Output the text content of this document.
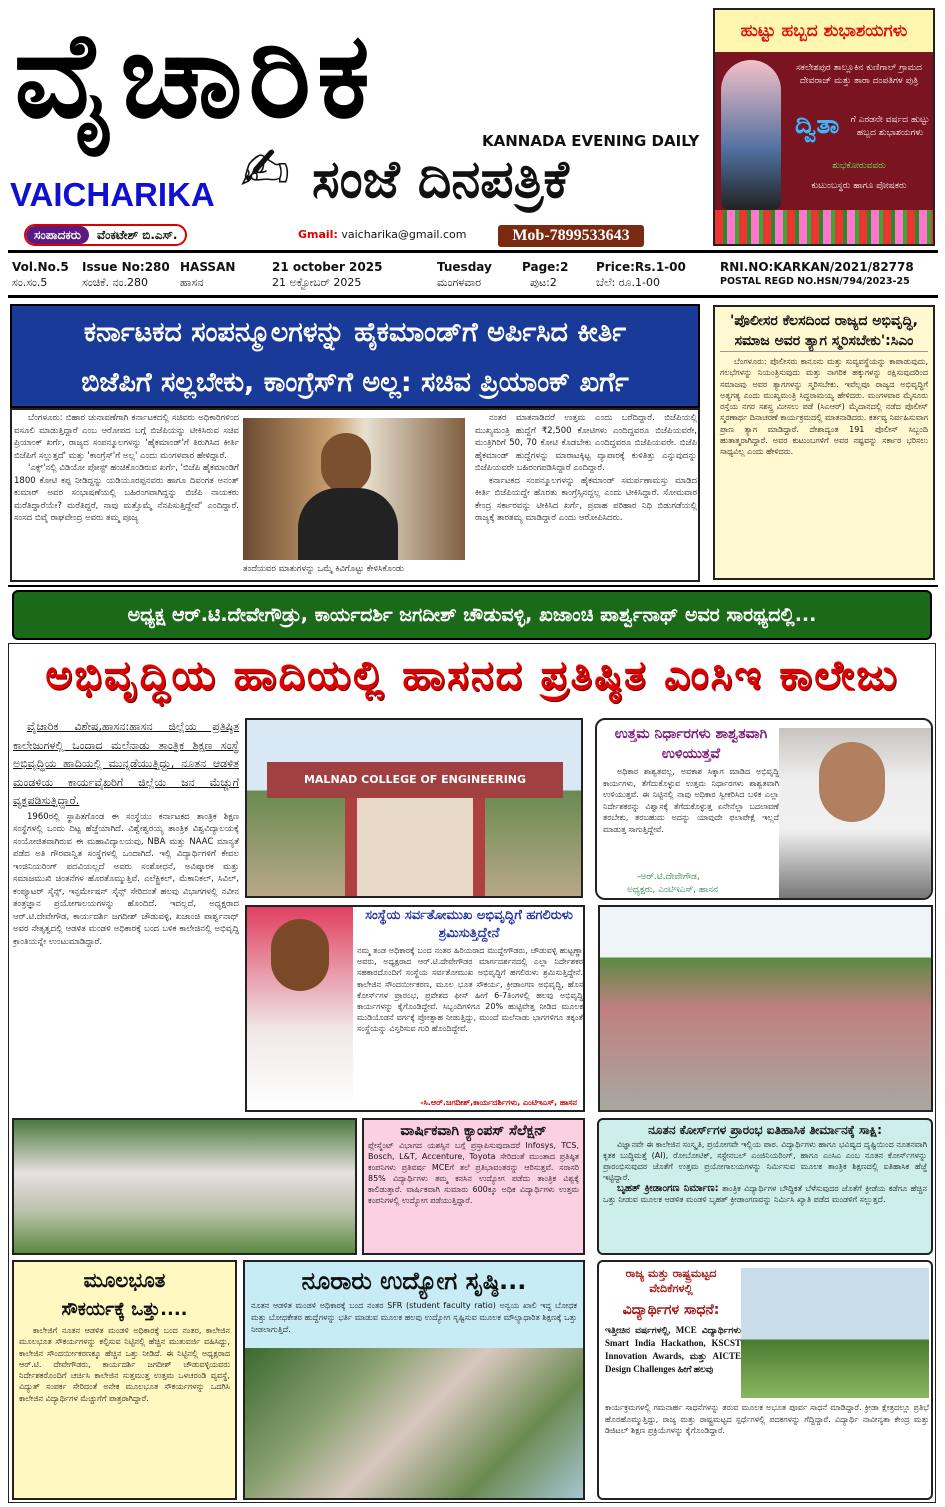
ವೈಚಾರಿಕ	KANNADA EVENING DAILY
VAICHARIKA ✍ ಸಂಜೆ ದಿನಪತ್ರಿಕೆ
ಹುಟ್ಟು ಹಬ್ಬದ ಶುಭಾಶಯಗಳು
ಸಕಲೇಶಪುರ ತಾಲ್ಲೂಕಿನ ಕುಣಿಗಾಲ್ ಗ್ರಾಮದ ದೇವರಾಜ್ ಮತ್ತು ತಾರಾ ದಂಪತಿಗಳ ಪುತ್ರಿ
ದ್ವಿತಾ	ಗೆ ಎರಡನೇ ವರ್ಷದ ಹುಟ್ಟು ಹಬ್ಬದ ಶುಭಾಶಯಗಳು
ಶುಭಕೋರುವವರು
ಕುಟುಂಬಸ್ಥರು ಹಾಗೂ ಪೋಷಕರು
ಸಂಪಾದಕರು	ವೆಂಕಟೇಶ್ ಬಿ.ಎಸ್.	Gmail: vaicharika@gmail.com	Mob-7899533643
Vol.No.5
ಸಂ.ಸಂ.5
Issue No:280
ಸಂಚಿಕೆ. ನಂ.280
HASSAN
ಹಾಸನ
21 october 2025
21 ಅಕ್ಟೋಬರ್ 2025
Tuesday
ಮಂಗಳವಾರ
Page:2
ಪುಟ:2
Price:Rs.1-00
ಬೆಲೆ: ರೂ.1-00
RNI.NO:KARKAN/2021/82778
POSTAL REGD NO.HSN/794/2023-25
ಕರ್ನಾಟಕದ ಸಂಪನ್ಮೂಲಗಳನ್ನು ಹೈಕಮಾಂಡ್‌ಗೆ ಅರ್ಪಿಸಿದ ಕೀರ್ತಿ
ಬಿಜೆಪಿಗೆ ಸಲ್ಲಬೇಕು, ಕಾಂಗ್ರೆಸ್‌ಗೆ ಅಲ್ಲ: ಸಚಿವ ಪ್ರಿಯಾಂಕ್ ಖರ್ಗೆ

ಬೆಂಗಳೂರು: ಬಿಹಾರ ಚುನಾವಣೆಗಾಗಿ ಕರ್ನಾಟಕದಲ್ಲಿ ಸಚಿವರು ಅಧಿಕಾರಿಗಳಿಂದ ವಸೂಲಿ ಮಾಡುತ್ತಿದ್ದಾರೆ ಎಂಬ ಆರೋಪದ ಬಗ್ಗೆ ಬಿಜೆಪಿಯನ್ನು ಟೀಕಿಸಿರುವ ಸಚಿವ ಪ್ರಿಯಾಂಕ್ ಖರ್ಗೆ, ರಾಜ್ಯದ ಸಂಪನ್ಮೂಲಗಳನ್ನು 'ಹೈಕಮಾಂಡ್'ಗೆ ತಿರುಗಿಸಿದ ಕೀರ್ತಿ ಬಿಜೆಪಿಗೆ ಸಲ್ಲುತ್ತದೆ' ಮತ್ತು 'ಕಾಂಗ್ರೆಸ್'ಗೆ ಅಲ್ಲ' ಎಂದು ಮಂಗಳವಾರ ಹೇಳಿದ್ದಾರೆ.

'ಎಕ್ಸ್'ನಲ್ಲಿ ವಿಡಿಯೋ ಪೋಸ್ಟ್ ಹಂಚಿಕೊಂಡಿರುವ ಖರ್ಗೆ, 'ಬಿಜೆಪಿ ಹೈಕಮಾಂಡಿಗೆ 1800 ಕೋಟಿ ಕಪ್ಪ ನೀಡಿದ್ದನ್ನು ಯಡಿಯೂರಪ್ಪನವರು ಹಾಗೂ ದಿವಂಗತ ಅನಂತ್ ಕುಮಾರ್ ಅವರ ಸಂಭಾಷಣೆಯಲ್ಲಿ ಬಹಿರಂಗವಾಗಿದ್ದನ್ನು ಬಿಜೆಪಿ ನಾಯಕರು ಮರೆತಿದ್ದಾರೆಯೇ? ಮರೆತಿದ್ದರೆ, ನಾವು ಮತ್ತೊಮ್ಮೆ ನೆನಪಿಸುತ್ತಿದ್ದೇವೆ' ಎಂದಿದ್ದಾರೆ. ಸಂಸದ ಬಿವೈ ರಾಘವೇಂದ್ರ ಅವರು ತಮ್ಮ ಪೂಜ್ಯ

ನಂತರ ಮಾತನಾಡಿದರೆ ಉತ್ತಮ ಎಂದು ಬರೆದಿದ್ದಾರೆ. ಬಿಜೆಪಿಯಲ್ಲಿ ಮುಖ್ಯಮಂತ್ರಿ ಹುದ್ದೆಗೆ ₹2,500 ಕೋಟಿಗಳು ಎಂದಿದ್ದವರೂ ಬಿಜೆಪಿಯವರೇ, ಮಂತ್ರಿಗಿರಿಗೆ 50, 70 ಕೋಟಿ ಕೊಡಬೇಕು ಎಂದಿದ್ದವರೂ ಬಿಜೆಪಿಯವರೇ. ಬಿಜೆಪಿ ಹೈಕಮಾಂಡ್ ಹುದ್ದೆಗಳನ್ನು ಮಾರಾಟಕ್ಕಿಟ್ಟ ವ್ಯಾಪಾರಕ್ಕೆ ಕುಳಿತಿತ್ತು ಎನ್ನುವುದನ್ನು ಬಿಜೆಪಿಯವರೇ ಬಹಿರಂಗಪಡಿಸಿದ್ದಾರೆ ಎಂದಿದ್ದಾರೆ.

ಕರ್ನಾಟಕದ ಸಂಪನ್ಮೂಲಗಳನ್ನು ಹೈಕಮಾಂಡ್ ಸಮರ್ಪಣಾಮಸ್ತು ಮಾಡಿದ ಕೀರ್ತಿ ಬಿಜೆಪಿಯದ್ದೇ ಹೊರತು ಕಾಂಗ್ರೆಸ್ಸಿನದ್ದಲ್ಲ ಎಂದು ಟೀಕಿಸಿದ್ದಾರೆ. ಸೋಮವಾರ ಕೇಂದ್ರ ಸರ್ಕಾರವನ್ನು ಟೀಕಿಸಿದ ಖರ್ಗೆ, ಪ್ರವಾಹ ಪರಿಹಾರ ನಿಧಿ ಬಿಡುಗಡೆಯಲ್ಲಿ ರಾಜ್ಯಕ್ಕೆ ತಾರತಮ್ಯ ಮಾಡಿದ್ದಾರೆ ಎಂದು ಆರೋಪಿಸಿದರು.

ತಂದೆಯವರ ಮಾತುಗಳನ್ನು ಒಮ್ಮೆ ಕಿವಿಗೊಟ್ಟು ಕೇಳಿಸಿಕೊಂಡು
'ಪೊಲೀಸರ ಕೆಲಸದಿಂದ ರಾಜ್ಯದ ಅಭಿವೃದ್ಧಿ, ಸಮಾಜ ಅವರ ತ್ಯಾಗ ಸ್ಮರಿಸಬೇಕು':ಸಿಎಂ

ಬೆಂಗಳೂರು: ಪೊಲೀಸರು ಕಾನೂನು ಮತ್ತು ಸುವ್ಯವಸ್ಥೆಯನ್ನು ಕಾಪಾಡುವುದು, ಗಲಭೆಗಳನ್ನು ನಿಯಂತ್ರಿಸುವುದು ಮತ್ತು ನಾಗರಿಕ ಹಕ್ಕುಗಳನ್ನು ರಕ್ಷಿಸುವುದರಿಂದ ಸಮಾಜವು ಅವರ ತ್ಯಾಗಗಳನ್ನು ಸ್ಮರಿಸಬೇಕು. ಇವೆಲ್ಲವೂ ರಾಜ್ಯದ ಅಭಿವೃದ್ಧಿಗೆ ಅತ್ಯಗತ್ಯ ಎಂದು ಮುಖ್ಯಮಂತ್ರಿ ಸಿದ್ದರಾಮಯ್ಯ ಹೇಳಿದರು. ಮಂಗಳವಾರ ಮೈಸೂರು ರಸ್ತೆಯ ನಗರ ಸಶಸ್ತ್ರ ಮೀಸಲು ಪಡೆ (ಸಿಎಆರ್) ಮೈದಾನದಲ್ಲಿ ನಡೆದ ಪೊಲೀಸ್ ಸ್ಮರಣಾರ್ಥ ದಿನಾಚರಣೆ ಕಾರ್ಯಕ್ರಮದಲ್ಲಿ ಮಾತನಾಡಿದರು. ಕರ್ತವ್ಯ ನಿರ್ವಹಿಸುವಾಗ ಪ್ರಾಣ ತ್ಯಾಗ ಮಾಡಿದ್ದಾರೆ. ದೇಶಾದ್ಯಂತ 191 ಪೊಲೀಸ್ ಸಿಬ್ಬಂದಿ ಹುತಾತ್ಮರಾಗಿದ್ದಾರೆ. ಅವರ ಕುಟುಂಬಗಳಿಗೆ ಅವರ ನಷ್ಟವನ್ನು ಸರ್ಕಾರ ಭರಿಸಲು ಸಾಧ್ಯವಿಲ್ಲ ಎಂದು ಹೇಳಿದರು.

ಅಧ್ಯಕ್ಷ ಆರ್.ಟಿ.ದೇವೇಗೌಡ್ರು, ಕಾರ್ಯದರ್ಶಿ ಜಗದೀಶ್ ಚೌಡುವಳ್ಳಿ, ಖಜಾಂಚಿ ಪಾರ್ಶ್ವನಾಥ್ ಅವರ ಸಾರಥ್ಯದಲ್ಲಿ...
ಅಭಿವೃದ್ಧಿಯ ಹಾದಿಯಲ್ಲಿ ಹಾಸನದ ಪ್ರತಿಷ್ಠಿತ ಎಂಸಿಇ ಕಾಲೇಜು

ವೈಚಾರಿಕ ವಿಶೇಷ,ಹಾಸನ:ಹಾಸನ ಜಿಲ್ಲೆಯ ಪ್ರತಿಷ್ಠಿತ ಕಾಲೇಜುಗಳಲ್ಲಿ ಒಂದಾದ ಮಲೆನಾಡು ತಾಂತ್ರಿಕ ಶಿಕ್ಷಣ ಸಂಸ್ಥೆ ಅಭಿವೃದ್ಧಿಯ ಹಾದಿಯಲ್ಲಿ ಮುನ್ನಡೆಯುತ್ತಿದ್ದು, ನೂತನ ಆಡಳಿತ ಮಂಡಳಿಯ ಕಾರ್ಯವೈಖರಿಗೆ ಜಿಲ್ಲೆಯ ಜನ ಮೆಚ್ಚುಗೆ ವ್ಯಕ್ತಪಡಿಸುತ್ತಿದ್ದಾರೆ.

1960ರಲ್ಲಿ ಸ್ಥಾಪಿತಗೊಂಡ ಈ ಸಂಸ್ಥೆಯು ಕರ್ನಾಟಕದ ತಾಂತ್ರಿಕ ಶಿಕ್ಷಣ ಸಂಸ್ಥೆಗಳಲ್ಲಿ ಒಂದು ದಿಟ್ಟ ಹೆಜ್ಜೆಯಾಗಿದೆ. ವಿಶ್ವೇಶ್ವರಯ್ಯ ತಾಂತ್ರಿಕ ವಿಶ್ವವಿದ್ಯಾಲಯಕ್ಕೆ ಸಂಯೋಜಿತವಾಗಿರುವ ಈ ಮಹಾವಿದ್ಯಾಲಯವು, NBA ಮತ್ತು NAAC ಮಾನ್ಯತೆ ಪಡೆದ ಅತಿ ಗೌರವಾನ್ವಿತ ಸಂಸ್ಥೆಗಳಲ್ಲಿ ಒಂದಾಗಿದೆ. ಇಲ್ಲಿ ವಿದ್ಯಾರ್ಥಿಗಳಿಗೆ ಕೇವಲ ಇಂಜಿನಿಯರಿಂಗ್ ಪದವಿಯಲ್ಲದೆ ಅವರು ಸಂಶೋಧನೆ, ಅವಿಷ್ಕಾರಕ ಮತ್ತು ಸಮಾಜಮುಖಿ ಚಿಂತನೆಗಳ ಹೊರತೊಮ್ಮುತ್ತಿವೆ. ಎಲೆಕ್ಟ್ರಿಕಲ್, ಮೆಕಾನಿಕಲ್, ಸಿವಿಲ್, ಕಂಪ್ಯೂಟರ್ ಸೈನ್ಸ್, ಇನ್ಫರ್ಮೇಷನ್ ಸೈನ್ಸ್ ಸೇರಿದಂತೆ ಹಲವು ವಿಭಾಗಗಳಲ್ಲಿ ನವೀನ ತಂತ್ರಜ್ಞಾನ ಪ್ರಯೋಗಾಲಯಗಳನ್ನು ಹೊಂದಿದೆ. ಇದಲ್ಲದೆ, ಅಧ್ಯಕ್ಷರಾದ ಆರ್.ಟಿ.ದೇವೇಗೌಡ, ಕಾರ್ಯದರ್ಶಿ ಜಗದೀಶ್ ಚೌಡುವಳ್ಳಿ, ಖಜಾಂಚಿ ಪಾರ್ಶ್ವನಾಥ್ ಅವರ ನೇತೃತ್ವದಲ್ಲಿ ಆಡಳಿತ ಮಂಡಳಿ ಅಧಿಕಾರಕ್ಕೆ ಬಂದ ಬಳಿಕ ಕಾಲೇಜಿನಲ್ಲಿ ಅಭಿವೃದ್ಧಿ ಕ್ರಾಂತಿಯನ್ನೇ ಉಂಟುಮಾಡಿದ್ದಾರೆ.

MALNAD COLLEGE OF ENGINEERING
ಉತ್ತಮ ನಿರ್ಧಾರಗಳು ಶಾಶ್ವತವಾಗಿ ಉಳಿಯುತ್ತವೆ

ಅಧಿಕಾರ ಶಾಶ್ವತವಲ್ಲ, ಅವಕಾಶ ಸಿಕ್ಕಾಗ ಮಾಡಿದ ಅಭಿವೃದ್ಧಿ ಕಾರ್ಯಗಳು, ತೆಗೆದುಕೊಳ್ಳುವ ಉತ್ತಮ ನಿರ್ಧಾರಗಳು ಶಾಶ್ವತವಾಗಿ ಉಳಿಯುತ್ತವೆ. ಈ ನಿಟ್ಟಿನಲ್ಲಿ ನಾವು ಅಧಿಕಾರ ಸ್ವೀಕರಿಸಿದ ಬಳಿಕ ಎಲ್ಲಾ ನಿರ್ದೇಶಕರನ್ನು ವಿಶ್ವಾಸಕ್ಕೆ ತೆಗೆದುಕೊಳ್ಳುತ್ತ ಏನೇನೆಲ್ಲಾ ಬದಲಾವಣೆ ತರಬೇಕು, ತರಬಹುದು ಅದನ್ನು ಯಾವುದೇ ಫಲಾಪೇಕ್ಷೆ ಇಲ್ಲದೆ ಮಾಡುತ್ತ ಸಾಗುತ್ತಿದ್ದೇವೆ.

-ಆರ್.ಟಿ.ದೇವೇಗೌಡ,
ಅಧ್ಯಕ್ಷರು, ಎಂಟಿಇಎಸ್, ಹಾಸನ
ಸಂಸ್ಥೆಯ ಸರ್ವತೋಮುಖ ಅಭಿವೃದ್ಧಿಗೆ ಹಗಲಿರುಳು ಶ್ರಮಿಸುತ್ತಿದ್ದೇನೆ

ನಮ್ಮ ತಂಡ ಅಧಿಕಾರಕ್ಕೆ ಬಂದ ನಂತರ ಹಿರಿಯರಾದ ಮುದ್ದೇಗೌಡರು, ಚೌಡುವಳ್ಳಿ ಹುಟ್ಟಣ್ಣಾ ಅವರು, ಅಧ್ಯಕ್ಷರಾದ ಆರ್.ಟಿ.ದೇವೇಗೌಡರ ಮಾರ್ಗದರ್ಶನದಲ್ಲಿ ಎಲ್ಲಾ ನಿರ್ದೇಶಕರ ಸಹಕಾರದೊಂದಿಗೆ ಸಂಸ್ಥೆಯ ಸರ್ವತೋಮುಖ ಅಭಿವೃದ್ಧಿಗೆ ಹಗಲಿರುಳು ಶ್ರಮಿಸುತ್ತಿದ್ದೇನೆ. ಕಾಲೇಜಿನ ಸೌಂದರ್ಯೀಕರಣ, ಮೂಲ ಭೂತ ಸೌಕರ್ಯ, ಕ್ರೀಡಾಂಗಣ ಅಭಿವೃದ್ಧಿ, ಹೊಸ ಕೋರ್ಸ್‌ಗಳ ಪ್ರಾರಂಭ, ಪ್ರವೇಶದ ಫೀಸ್ ಹೀಗೆ 6-7ತಿಂಗಳಲ್ಲಿ ಹಲವು ಅಭಿವೃದ್ಧಿ ಕಾರ್ಯಗಳನ್ನು ಕೈಗೊಂಡಿದ್ದೇವೆ. ಸಿಬ್ಬಂದಿಗಳಿಗೂ 20% ಹುಟ್ಟಿವೇತ್ತ ನೀಡಿದ ಮೂಲಕ ಮುಡಿಯೊಡನೆ ವರ್ಗಕ್ಕೆ ಪ್ರೋತ್ಸಾಹ ನೀಡುತ್ತಿದ್ದು, ಮುಂದೆ ಮಲೆನಾಡು ಭಾಗಗಳಿಗೂ ತಕ್ಕಂತೆ ಸಂಸ್ಥೆಯನ್ನು ವಿಸ್ತರಿಸುವ ಗುರಿ ಹೊಂದಿದ್ದೇವೆ.

-ಸಿ.ಆರ್.ಜಗದೀಶ್,ಕಾರ್ಯದರ್ಶಿಗಳು, ಎಂಟಿಇಎಸ್, ಹಾಸನ
ವಾರ್ಷಿಕವಾಗಿ ಕ್ಯಾಂಪಸ್ ಸೆಲೆಕ್ಷನ್

ಪ್ಲೇಸ್ಮೆಂಟ್ ವಿಭಾಗದ ಯಶಸ್ಸಿನ ಬಗ್ಗೆ ಪ್ರಸ್ತಾಪಿಸುವುದಾದರೆ Infosys, TCS, Bosch, L&T, Accenture, Toyota ಸೇರಿದಂತೆ ಮುಂತಾದ ಪ್ರತಿಷ್ಠಿತ ಕಂಪನಿಗಳು ಪ್ರತಿವರ್ಷ MCEಗೆ ತಲೆ ಪ್ರತಿಭಾವಂತರನ್ನು ಆರಿಸುತ್ತವೆ. ಸರಾಸರಿ 85% ವಿದ್ಯಾರ್ಥಿಗಳು ತಮ್ಮ ಕನಸಿನ ಉದ್ಯೋಗ ಪಡೆದು ತಾಂತ್ರಿಕ ವಿಶ್ವಕ್ಕೆ ಕಾಲಿಡುತ್ತಾರೆ. ವಾರ್ಷಿಕವಾಗಿ ಸುಮಾರು 600ಕ್ಕೂ ಅಧಿಕ ವಿದ್ಯಾರ್ಥಿಗಳು ಉತ್ತಮ ಕಂಪನಿಗಳಲ್ಲಿ ಉದ್ಯೋಗ ಪಡೆಯುತ್ತಿದ್ದಾರೆ.

ನೂತನ ಕೋರ್ಸ್‌ಗಳ ಪ್ರಾರಂಭ ಐತಿಹಾಸಿಕ ತೀರ್ಮಾನಕ್ಕೆ ಸಾಕ್ಷಿ:

ವಿಜ್ಞಾನವೇ ಈ ಕಾಲೇಜಿನ ಸಂಸ್ಕೃತಿ, ಪ್ರಯೋಗವೇ ಇಲ್ಲಿಯ ಪಾಠ. ವಿದ್ಯಾರ್ಥಿಗಳು ಹಾಗೂ ಭವಿಷ್ಯದ ದೃಷ್ಟಿಯಿಂದ ನೂತನವಾಗಿ ಕೃತಕ ಬುದ್ಧಿಮತ್ತೆ (AI), ರೋಬೋಟಿಕ್, ಸಸ್ಟೇನಬಲ್ ಎಂಜಿನಿಯರಿಂಗ್, ಹಾಗೂ ಎಂಸಿಎ ಎಂಬ ನೂತನ ಕೋರ್ಸ್‌ಗಳನ್ನು ಪ್ರಾರಂಭಿಸುವುದರ ಜೊತೆಗೆ ಉತ್ತಮ ಪ್ರಯೋಗಾಲಯಗಳನ್ನು ನಿರ್ಮಿಸುವ ಮೂಲಕ ತಾಂತ್ರಿಕ ಶಿಕ್ಷಣದಲ್ಲಿ ಐತಿಹಾಸಿಕ ಹೆಜ್ಜೆ ಇಟ್ಟಿದ್ದಾರೆ.

ಬೃಹತ್ ಕ್ರೀಡಾಂಗಣ ನಿರ್ಮಾಣ: ತಾಂತ್ರಿಕ ವಿದ್ಯಾರ್ಥಿಗಳ ಬೌದ್ಧಿಕತೆ ಬೆಳೆಸುವುದರ ಜೊತೆಗೆ ಕ್ರೀಡೆಯ ಕಡೆಗೂ ಹೆಚ್ಚಿನ ಒತ್ತು ನೀಡುವ ಮೂಲಕ ಆಡಳಿತ ಮಂಡಳಿ ಬೃಹತ್ ಕ್ರೀಡಾಂಗಣವನ್ನು ನಿರ್ಮಿಸಿ ಖ್ಯಾತಿ ಪಡೆದ ಮಂಡಳಿಗೆ ಸಲ್ಲುತ್ತದೆ.

ಮೂಲಭೂತ
ಸೌಕರ್ಯಕ್ಕೆ ಒತ್ತು....

ಕಾಲೇಜಿಗೆ ನೂತನ ಆಡಳಿತ ಮಂಡಳಿ ಅಧಿಕಾರಕ್ಕೆ ಬಂದ ನಂತರ, ಕಾಲೇಜಿನ ಮೂಲಭೂತ ಸೌಕರ್ಯಗಳನ್ನು ಕಲ್ಪಿಸುವ ನಿಟ್ಟಿನಲ್ಲಿ ಹೆಚ್ಚಿನ ಮುತುವರ್ಜಿ ವಹಿಸಿದ್ದು, ಕಾಲೇಜಿನ ಸೌಂದರ್ಯೀಕರಣಕ್ಕೂ ಹೆಚ್ಚಿನ ಒತ್ತು ನೀಡಿದೆ. ಈ ನಿಟ್ಟಿನಲ್ಲಿ ಅಧ್ಯಕ್ಷರಾದ ಆರ್.ಟಿ. ದೇವೇಗೌಡರು, ಕಾರ್ಯದರ್ಶಿ ಜಗದೀಶ್ ಚೌಡುವಳ್ಳಿಯವರು ನಿರ್ದೇಶಕರೊಂದಿಗೆ ಚರ್ಚಿಸಿ ಕಾಲೇಜಿನ ಸುತ್ತಮುತ್ತ ಉತ್ತಮ ಒಳಚರಂಡಿ ವ್ಯವಸ್ಥೆ, ವಿದ್ಯುತ್ ಸಂಪರ್ಕ ಸೇರಿದಂತೆ ಅನೇಕ ಮೂಲಭೂತ ಸೌಕರ್ಯಗಳನ್ನು ಒದಗಿಸಿ ಕಾಲೇಜಿನ ವಿದ್ಯಾರ್ಥಿಗಳ ಮೆಚ್ಚುಗೆಗೆ ಪಾತ್ರರಾಗಿದ್ದಾರೆ.

ನೂರಾರು ಉದ್ಯೋಗ ಸೃಷ್ಠಿ...

ನೂತನ ಆಡಳಿತ ಮಂಡಳಿ ಅಧಿಕಾರಕ್ಕೆ ಬಂದ ನಂತರ SFR (student faculty ratio) ಅನ್ವಯ ಖಾಲಿ ಇದ್ದ ಬೋಧಕ ಮತ್ತು ಬೋಧಕೇತರ ಹುದ್ದೆಗಳನ್ನು ಭರ್ತಿ ಮಾಡುವ ಮೂಲಕ ಹಲವು ಉದ್ಯೋಗ ಸೃಷ್ಟಿಸುವ ಮೂಲಕ ಮೌಲ್ಯಾಧಾರಿತ ಶಿಕ್ಷಣಕ್ಕೆ ಒತ್ತು ನೀಡಲಾಗುತ್ತಿದೆ.

ರಾಜ್ಯ ಮತ್ತು ರಾಷ್ಟ್ರಮಟ್ಟದ ವೇದಿಕೆಗಳಲ್ಲಿ
ವಿದ್ಯಾರ್ಥಿಗಳ ಸಾಧನೆ:

ಇತ್ತೀಚಿನ ವರ್ಷಗಳಲ್ಲಿ, MCE ವಿದ್ಯಾರ್ಥಿಗಳು Smart India Hackathon, KSCST Innovation Awards, ಮತ್ತು AICTE Design Challenges ಹೀಗೆ ಹಲವು

ಕಾರ್ಯಕ್ರಮಗಳಲ್ಲಿ ಗಮನಾರ್ಹ ಸಾಧನೆಗಳನ್ನು ತರುವ ಮೂಲಕ ಅಭೂತ ಪೂರ್ವ ಸಾಧನೆ ಮಾಡಿದ್ದಾರೆ. ಕ್ರೀಡಾ ಕ್ಷೇತ್ರದಲ್ಲೂ ಪ್ರತಿಭೆ ಹೊರಹೊಮ್ಮುತ್ತಿದ್ದು, ರಾಜ್ಯ ಮತ್ತು ರಾಷ್ಟ್ರಮಟ್ಟದ ಸ್ಪರ್ಧೆಗಳಲ್ಲಿ ಪದಕಗಳನ್ನು ಗೆದ್ದಿದ್ದಾರೆ. ವಿದ್ಯಾರ್ಥಿ ನಾವೀನ್ಯತಾ ಕೇಂದ್ರ ಮತ್ತು ಡಿಜಿಟಲ್ ಶಿಕ್ಷಣ ಪ್ರಕ್ರಿಯೆಗಳನ್ನು ಕೈಗೊಂಡಿದ್ದಾರೆ.
